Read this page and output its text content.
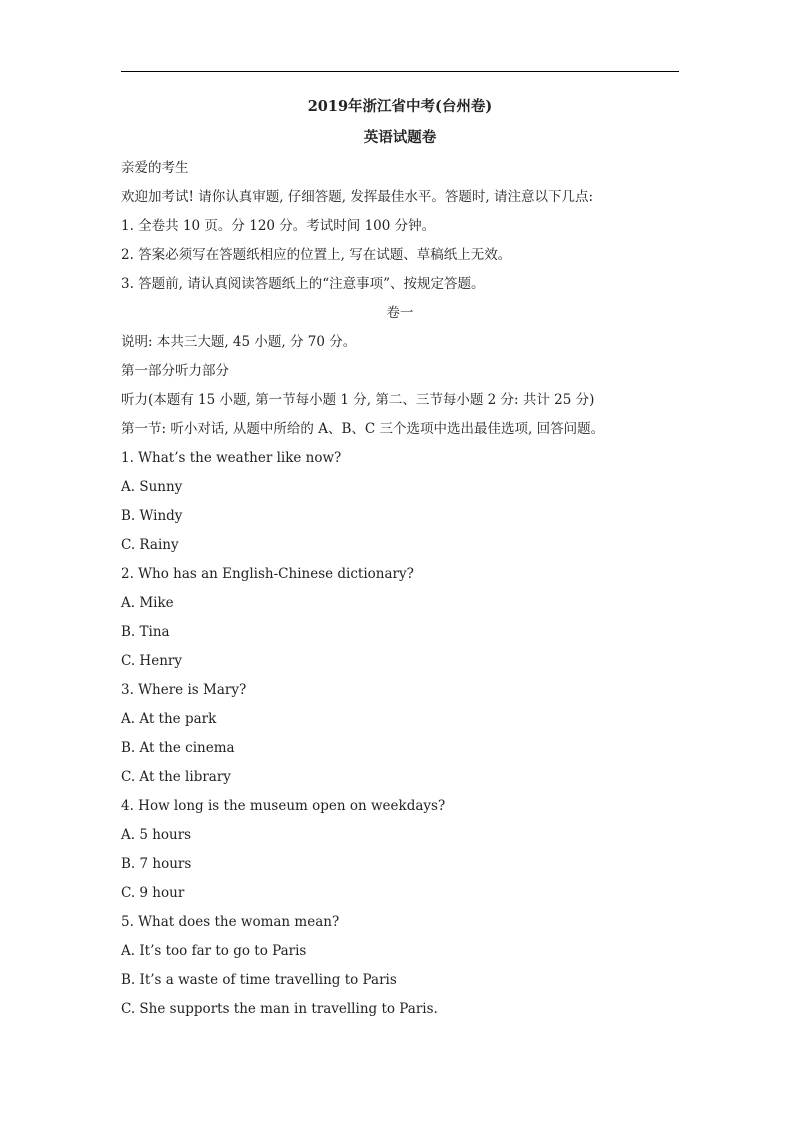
2019年浙江省中考(台州卷)
英语试题卷
亲爱的考生
欢迎加考试! 请你认真审题, 仔细答题, 发挥最佳水平。答题时, 请注意以下几点:
1. 全卷共 10 页。分 120 分。考试时间 100 分钟。
2. 答案必须写在答题纸相应的位置上, 写在试题、草稿纸上无效。
3. 答题前, 请认真阅读答题纸上的“注意事项”、按规定答题。
卷一
说明: 本共三大题, 45 小题, 分 70 分。
第一部分听力部分
听力(本题有 15 小题, 第一节每小题 1 分, 第二、三节每小题 2 分: 共计 25 分)
第一节: 听小对话, 从题中所给的 A、B、C 三个选项中选出最佳选项, 回答问题。
1. What’s the weather like now?
A. Sunny
B. Windy
C. Rainy
2. Who has an English-Chinese dictionary?
A. Mike
B. Tina
C. Henry
3. Where is Mary?
A. At the park
B. At the cinema
C. At the library
4. How long is the museum open on weekdays?
A. 5 hours
B. 7 hours
C. 9 hour
5. What does the woman mean?
A. It’s too far to go to Paris
B. It’s a waste of time travelling to Paris
C. She supports the man in travelling to Paris.
